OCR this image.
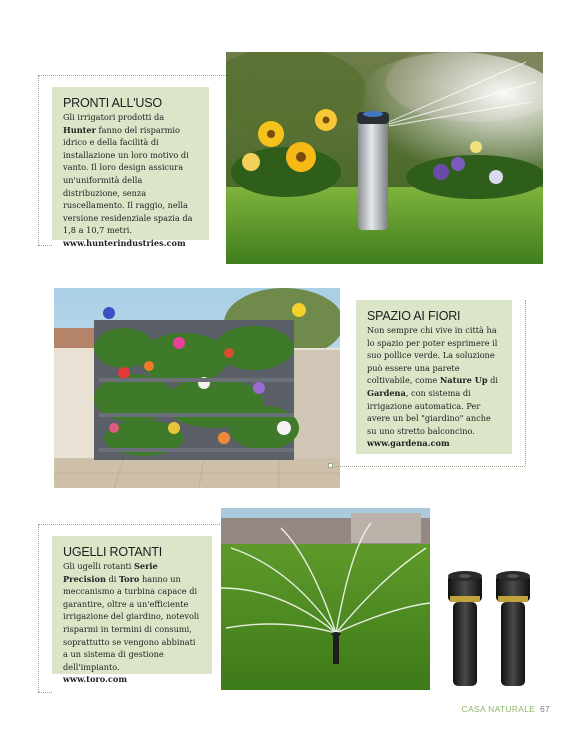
PRONTI ALL'USO

Gli irrigatori prodotti da Hunter fanno del risparmio idrico e della facilità di installazione un loro motivo di vanto. Il loro design assicura un'uniformità della distribuzione, senza ruscellamento. Il raggio, nella versione residenziale spazia da 1,8 a 10,7 metri.

www.hunterindustries.com
SPAZIO AI FIORI

Non sempre chi vive in città ha lo spazio per poter esprimere il suo pollice verde. La soluzione può essere una parete coltivabile, come Nature Up di Gardena, con sistema di irrigazione automatica. Per avere un bel "giardino" anche su uno stretto balconcino.

www.gardena.com
UGELLI ROTANTI

Gli ugelli rotanti Serie Precision di Toro hanno un meccanismo a turbina capace di garantire, oltre a un'efficiente irrigazione del giardino, notevoli risparmi in termini di consumi, soprattutto se vengono abbinati a un sistema di gestione dell'impianto.

www.toro.com
CASA NATURALE 67
